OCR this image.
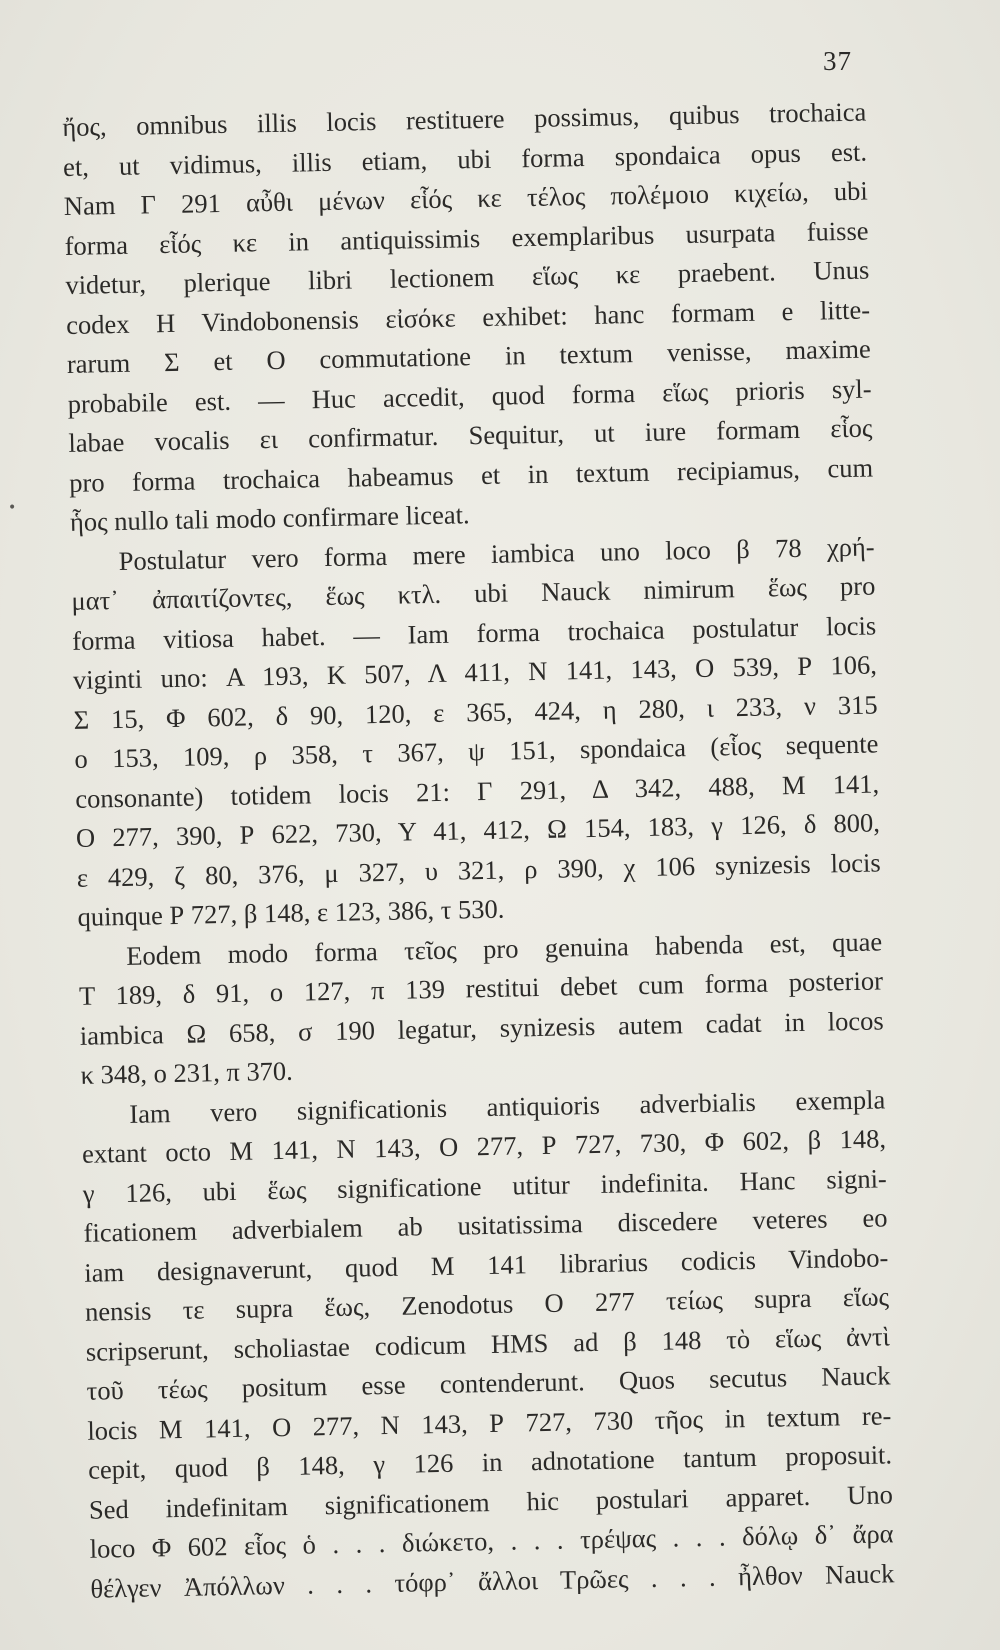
37
•
ἤος, omnibus illis locis restituere possimus, quibus trochaica
et, ut vidimus, illis etiam, ubi forma spondaica opus est.
Nam Γ 291 αὖθι μένων εἷός κε τέλος πολέμοιο κιχείω, ubi
forma εἷός κε in antiquissimis exemplaribus usurpata fuisse
videtur, plerique libri lectionem εἵως κε praebent. Unus
codex H Vindobonensis εἰσόκε exhibet: hanc formam e litte-
rarum Σ et Ο commutatione in textum venisse, maxime
probabile est. — Huc accedit, quod forma εἵως prioris syl-
labae vocalis ει confirmatur. Sequitur, ut iure formam εἷος
pro forma trochaica habeamus et in textum recipiamus, cum
ἧος nullo tali modo confirmare liceat.
Postulatur vero forma mere iambica uno loco β 78 χρή-
ματ᾽ ἀπαιτίζοντες, ἕως κτλ. ubi Nauck nimirum ἕως pro
forma vitiosa habet. — Iam forma trochaica postulatur locis
viginti uno: Α 193, Κ 507, Λ 411, Ν 141, 143, Ο 539, Ρ 106,
Σ 15, Φ 602, δ 90, 120, ε 365, 424, η 280, ι 233, ν 315
ο 153, 109, ρ 358, τ 367, ψ 151, spondaica (εἷος sequente
consonante) totidem locis 21: Γ 291, Δ 342, 488, Μ 141,
Ο 277, 390, Ρ 622, 730, Υ 41, 412, Ω 154, 183, γ 126, δ 800,
ε 429, ζ 80, 376, μ 327, υ 321, ρ 390, χ 106 synizesis locis
quinque Ρ 727, β 148, ε 123, 386, τ 530.
Eodem modo forma τεῖος pro genuina habenda est, quae
Τ 189, δ 91, ο 127, π 139 restitui debet cum forma posterior
iambica Ω 658, σ 190 legatur, synizesis autem cadat in locos
κ 348, ο 231, π 370.
Iam vero significationis antiquioris adverbialis exempla
extant octo Μ 141, Ν 143, Ο 277, Ρ 727, 730, Φ 602, β 148,
γ 126, ubi ἕως significatione utitur indefinita. Hanc signi-
ficationem adverbialem ab usitatissima discedere veteres eo
iam designaverunt, quod Μ 141 librarius codicis Vindobo-
nensis τε supra ἕως, Zenodotus Ο 277 τείως supra εἵως
scripserunt, scholiastae codicum HMS ad β 148 τὸ εἵως ἀντὶ
τοῦ τέως positum esse contenderunt. Quos secutus Nauck
locis Μ 141, Ο 277, Ν 143, Ρ 727, 730 τῆος in textum re-
cepit, quod β 148, γ 126 in adnotatione tantum proposuit.
Sed indefinitam significationem hic postulari apparet. Uno
loco Φ 602 εἷος ὁ . . . διώκετο, . . . τρέψας . . . δόλῳ δ᾽ ἄρα
θέλγεν Ἀπόλλων . . . τόφρ᾽ ἄλλοι Τρῶες . . . ἦλθον Nauck
